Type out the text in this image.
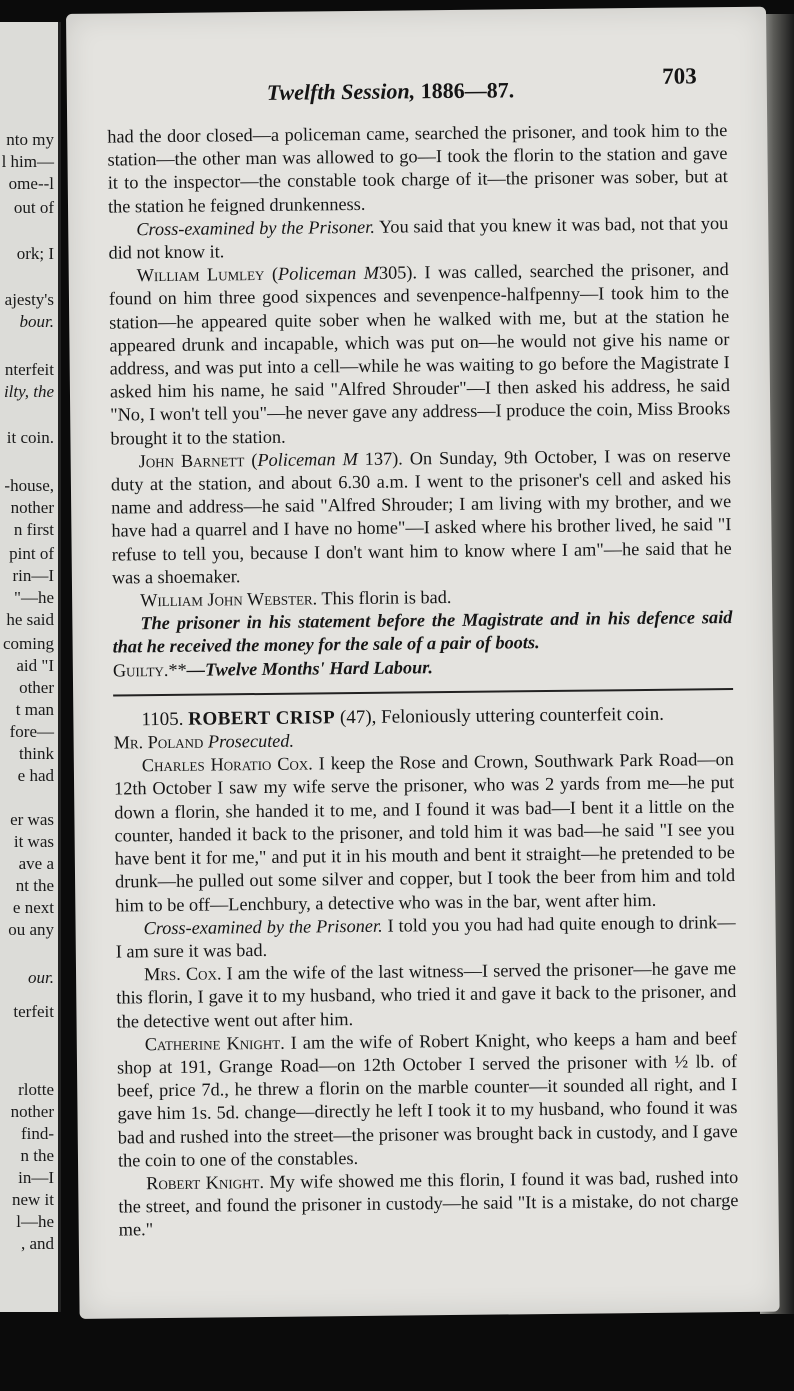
nto my
l him—
ome--l
out of
ork; I
ajesty's
bour.
nterfeit
ilty, the
it coin.
-house,
nother
n first
pint of
rin—I
"—he
he said
coming
aid "I
other
t man
fore—
think
e had
er was
it was
ave a
nt the
e next
ou any
our.
terfeit
rlotte
nother
find-
n the
in—I
new it
l—he
, and
Twelfth Session, 1886—87.
703

had the door closed—a policeman came, searched the prisoner, and took him to the station—the other man was allowed to go—I took the florin to the station and gave it to the inspector—the constable took charge of it—the prisoner was sober, but at the station he feigned drunkenness.

Cross-examined by the Prisoner. You said that you knew it was bad, not that you did not know it.

William Lumley (Policeman M305). I was called, searched the prisoner, and found on him three good sixpences and sevenpence-halfpenny—I took him to the station—he appeared quite sober when he walked with me, but at the station he appeared drunk and incapable, which was put on—he would not give his name or address, and was put into a cell—while he was waiting to go before the Magistrate I asked him his name, he said "Alfred Shrouder"—I then asked his address, he said "No, I won't tell you"—he never gave any address—I produce the coin, Miss Brooks brought it to the station.

John Barnett (Policeman M 137). On Sunday, 9th October, I was on reserve duty at the station, and about 6.30 a.m. I went to the prisoner's cell and asked his name and address—he said "Alfred Shrouder; I am living with my brother, and we have had a quarrel and I have no home"—I asked where his brother lived, he said "I refuse to tell you, because I don't want him to know where I am"—he said that he was a shoemaker.

William John Webster. This florin is bad.

The prisoner in his statement before the Magistrate and in his defence said that he received the money for the sale of a pair of boots.

Guilty.**—Twelve Months' Hard Labour.

1105. ROBERT CRISP (47), Feloniously uttering counterfeit coin.

Mr. Poland Prosecuted.

Charles Horatio Cox. I keep the Rose and Crown, Southwark Park Road—on 12th October I saw my wife serve the prisoner, who was 2 yards from me—he put down a florin, she handed it to me, and I found it was bad—I bent it a little on the counter, handed it back to the prisoner, and told him it was bad—he said "I see you have bent it for me," and put it in his mouth and bent it straight—he pretended to be drunk—he pulled out some silver and copper, but I took the beer from him and told him to be off—Lenchbury, a detective who was in the bar, went after him.

Cross-examined by the Prisoner. I told you you had had quite enough to drink—I am sure it was bad.

Mrs. Cox. I am the wife of the last witness—I served the prisoner—he gave me this florin, I gave it to my husband, who tried it and gave it back to the prisoner, and the detective went out after him.

Catherine Knight. I am the wife of Robert Knight, who keeps a ham and beef shop at 191, Grange Road—on 12th October I served the prisoner with ½ lb. of beef, price 7d., he threw a florin on the marble counter—it sounded all right, and I gave him 1s. 5d. change—directly he left I took it to my husband, who found it was bad and rushed into the street—the prisoner was brought back in custody, and I gave the coin to one of the constables.

Robert Knight. My wife showed me this florin, I found it was bad, rushed into the street, and found the prisoner in custody—he said "It is a mistake, do not charge me."
